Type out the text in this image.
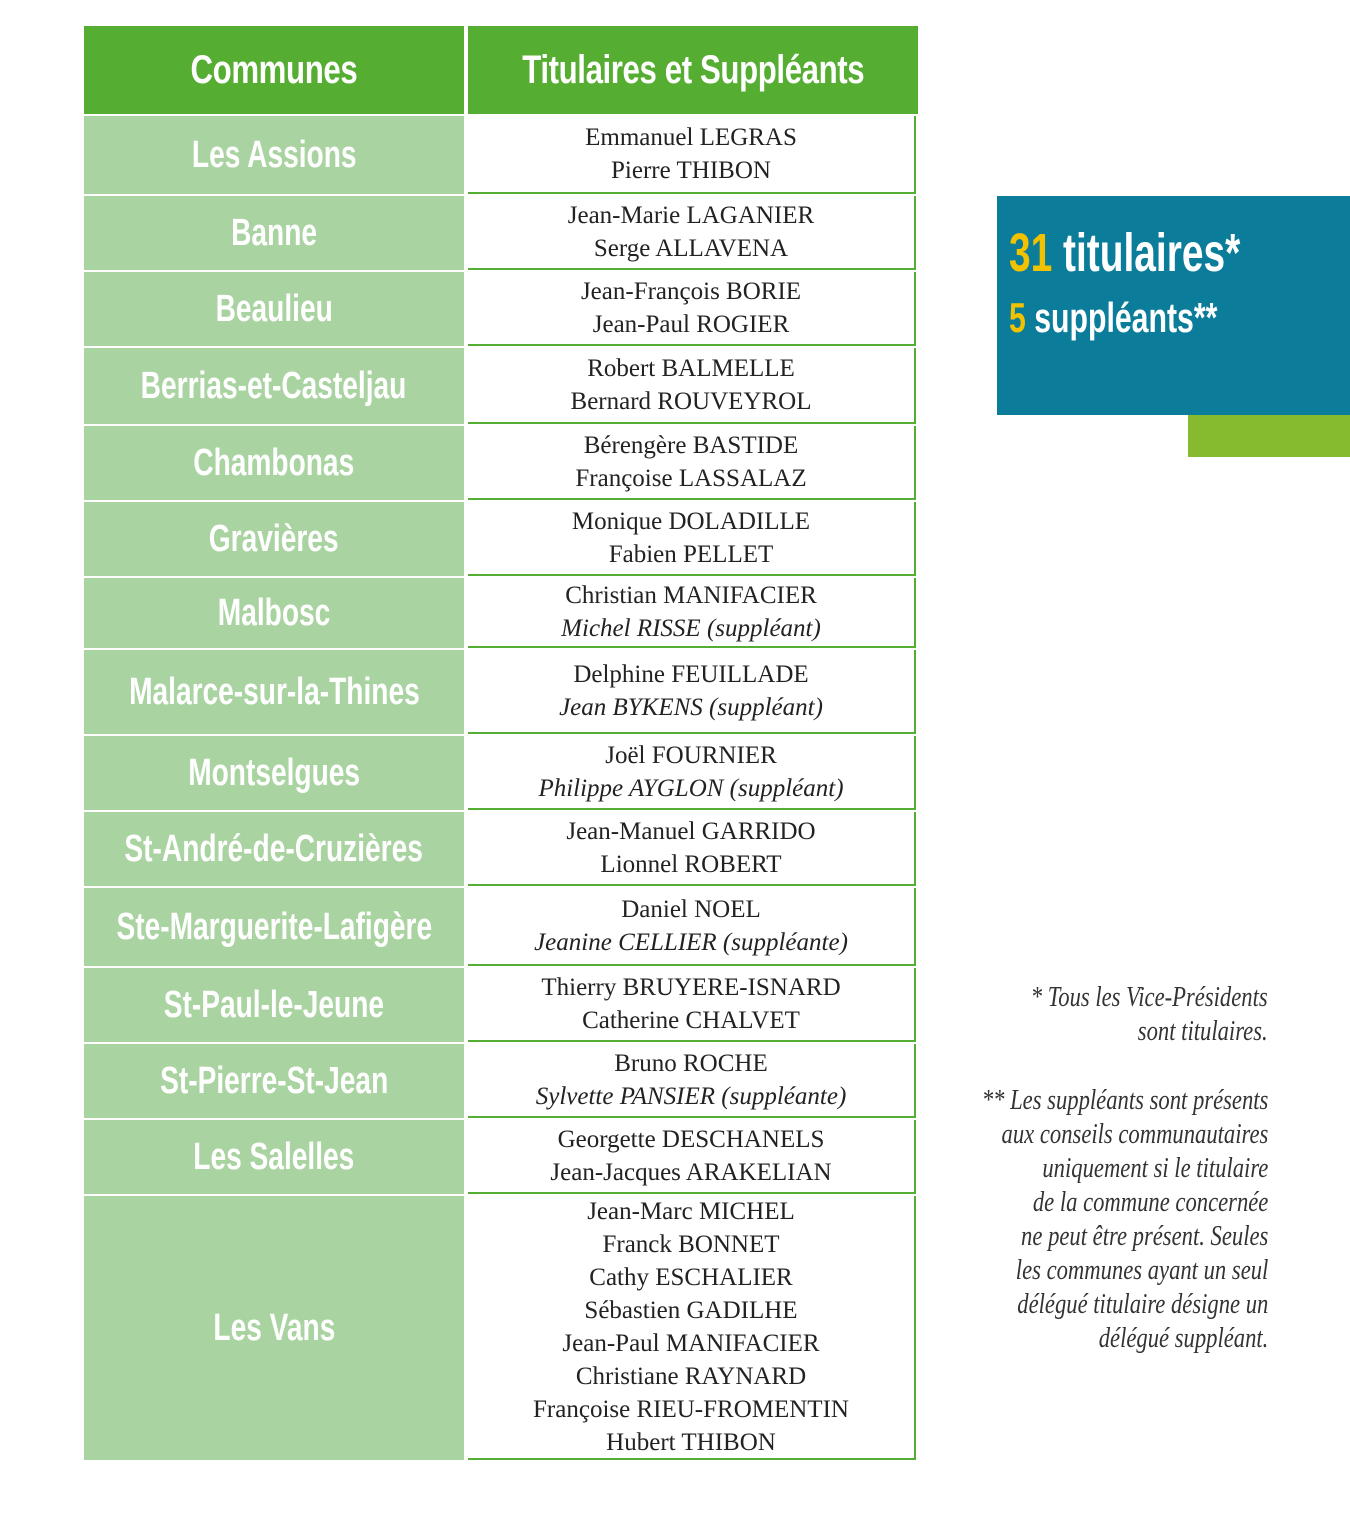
Communes	Titulaires et Suppléants
Les Assions	Emmanuel LEGRAS
Pierre THIBON
Banne	Jean-Marie LAGANIER
Serge ALLAVENA
Beaulieu	Jean-François BORIE
Jean-Paul ROGIER
Berrias-et-Casteljau	Robert BALMELLE
Bernard ROUVEYROL
Chambonas	Bérengère BASTIDE
Françoise LASSALAZ
Gravières	Monique DOLADILLE
Fabien PELLET
Malbosc	Christian MANIFACIER
Michel RISSE (suppléant)
Malarce-sur-la-Thines	Delphine FEUILLADE
Jean BYKENS (suppléant)
Montselgues	Joël FOURNIER
Philippe AYGLON (suppléant)
St-André-de-Cruzières	Jean-Manuel GARRIDO
Lionnel ROBERT
Ste-Marguerite-Lafigère	Daniel NOEL
Jeanine CELLIER (suppléante)
St-Paul-le-Jeune	Thierry BRUYERE-ISNARD
Catherine CHALVET
St-Pierre-St-Jean	Bruno ROCHE
Sylvette PANSIER (suppléante)
Les Salelles	Georgette DESCHANELS
Jean-Jacques ARAKELIAN
Les Vans
Jean-Marc MICHEL
Franck BONNET
Cathy ESCHALIER
Sébastien GADILHE
Jean-Paul MANIFACIER
Christiane RAYNARD
Françoise RIEU-FROMENTIN
Hubert THIBON
31 titulaires*
5 suppléants**
* Tous les Vice-Présidents
sont titulaires.
** Les suppléants sont présents
aux conseils communautaires
uniquement si le titulaire
de la commune concernée
ne peut être présent. Seules
les communes ayant un seul
délégué titulaire désigne un
délégué suppléant.
